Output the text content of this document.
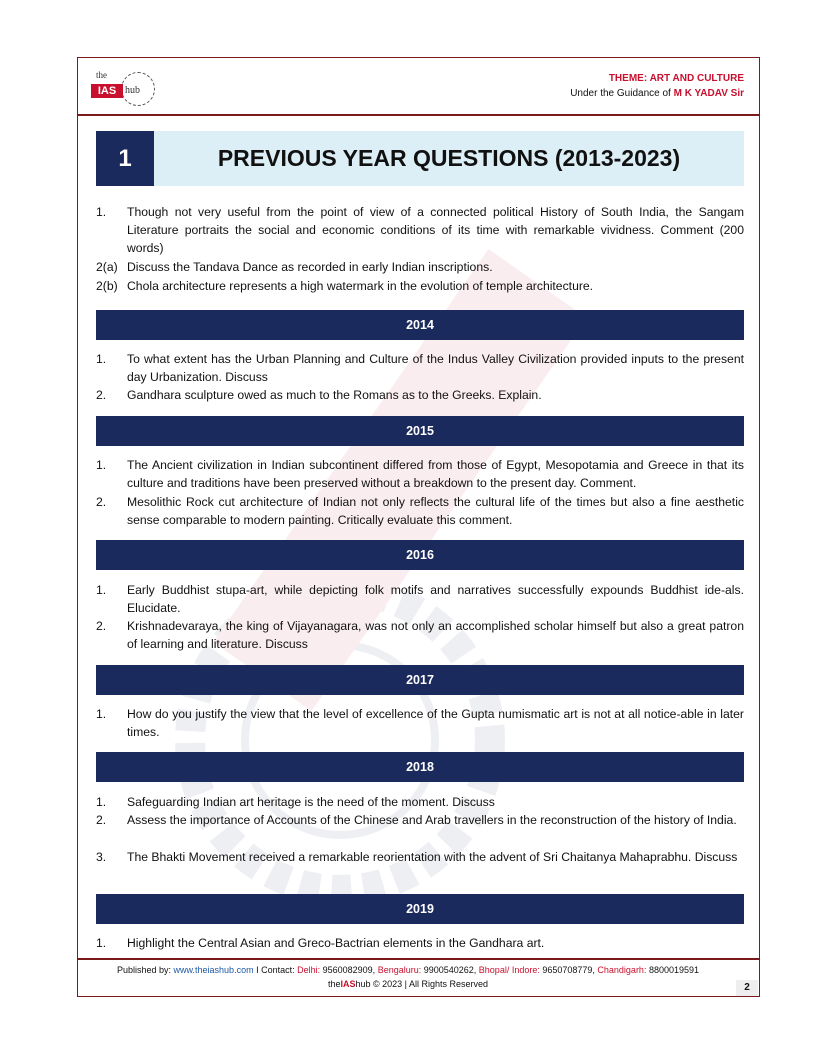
the
IAS hub
THEME: ART AND CULTURE
Under the Guidance of M K YADAV Sir
1	PREVIOUS YEAR QUESTIONS (2013-2023)
1.	Though not very useful from the point of view of a connected political History of South India, the Sangam Literature portraits the social and economic conditions of its time with remarkable vividness. Comment (200 words)
2(a) Discuss the Tandava Dance as recorded in early Indian inscriptions.
2(b) Chola architecture represents a high watermark in the evolution of temple architecture.
2014
1.	To what extent has the Urban Planning and Culture of the Indus Valley Civilization provided inputs to the present day Urbanization. Discuss
2.	Gandhara sculpture owed as much to the Romans as to the Greeks. Explain.
2015
1.	The Ancient civilization in Indian subcontinent differed from those of Egypt, Mesopotamia and Greece in that its culture and traditions have been preserved without a breakdown to the present day. Comment.
2.	Mesolithic Rock cut architecture of Indian not only reflects the cultural life of the times but also a fine aesthetic sense comparable to modern painting. Critically evaluate this comment.
2016
1.	Early Buddhist stupa-art, while depicting folk motifs and narratives successfully expounds Buddhist ide-als. Elucidate.
2.	Krishnadevaraya, the king of Vijayanagara, was not only an accomplished scholar himself but also a great patron of learning and literature. Discuss
2017
1.	How do you justify the view that the level of excellence of the Gupta numismatic art is not at all notice-able in later times.
2018
1.	Safeguarding Indian art heritage is the need of the moment. Discuss
2.	Assess the importance of Accounts of the Chinese and Arab travellers in the reconstruction of the history of India.
3.	The Bhakti Movement received a remarkable reorientation with the advent of Sri Chaitanya Mahaprabhu. Discuss
2019
1.	Highlight the Central Asian and Greco-Bactrian elements in the Gandhara art.
Published by: www.theiashub.com I Contact: Delhi: 9560082909, Bengaluru: 9900540262, Bhopal/ Indore: 9650708779, Chandigarh: 8800019591
theIAShub © 2023 | All Rights Reserved	2
